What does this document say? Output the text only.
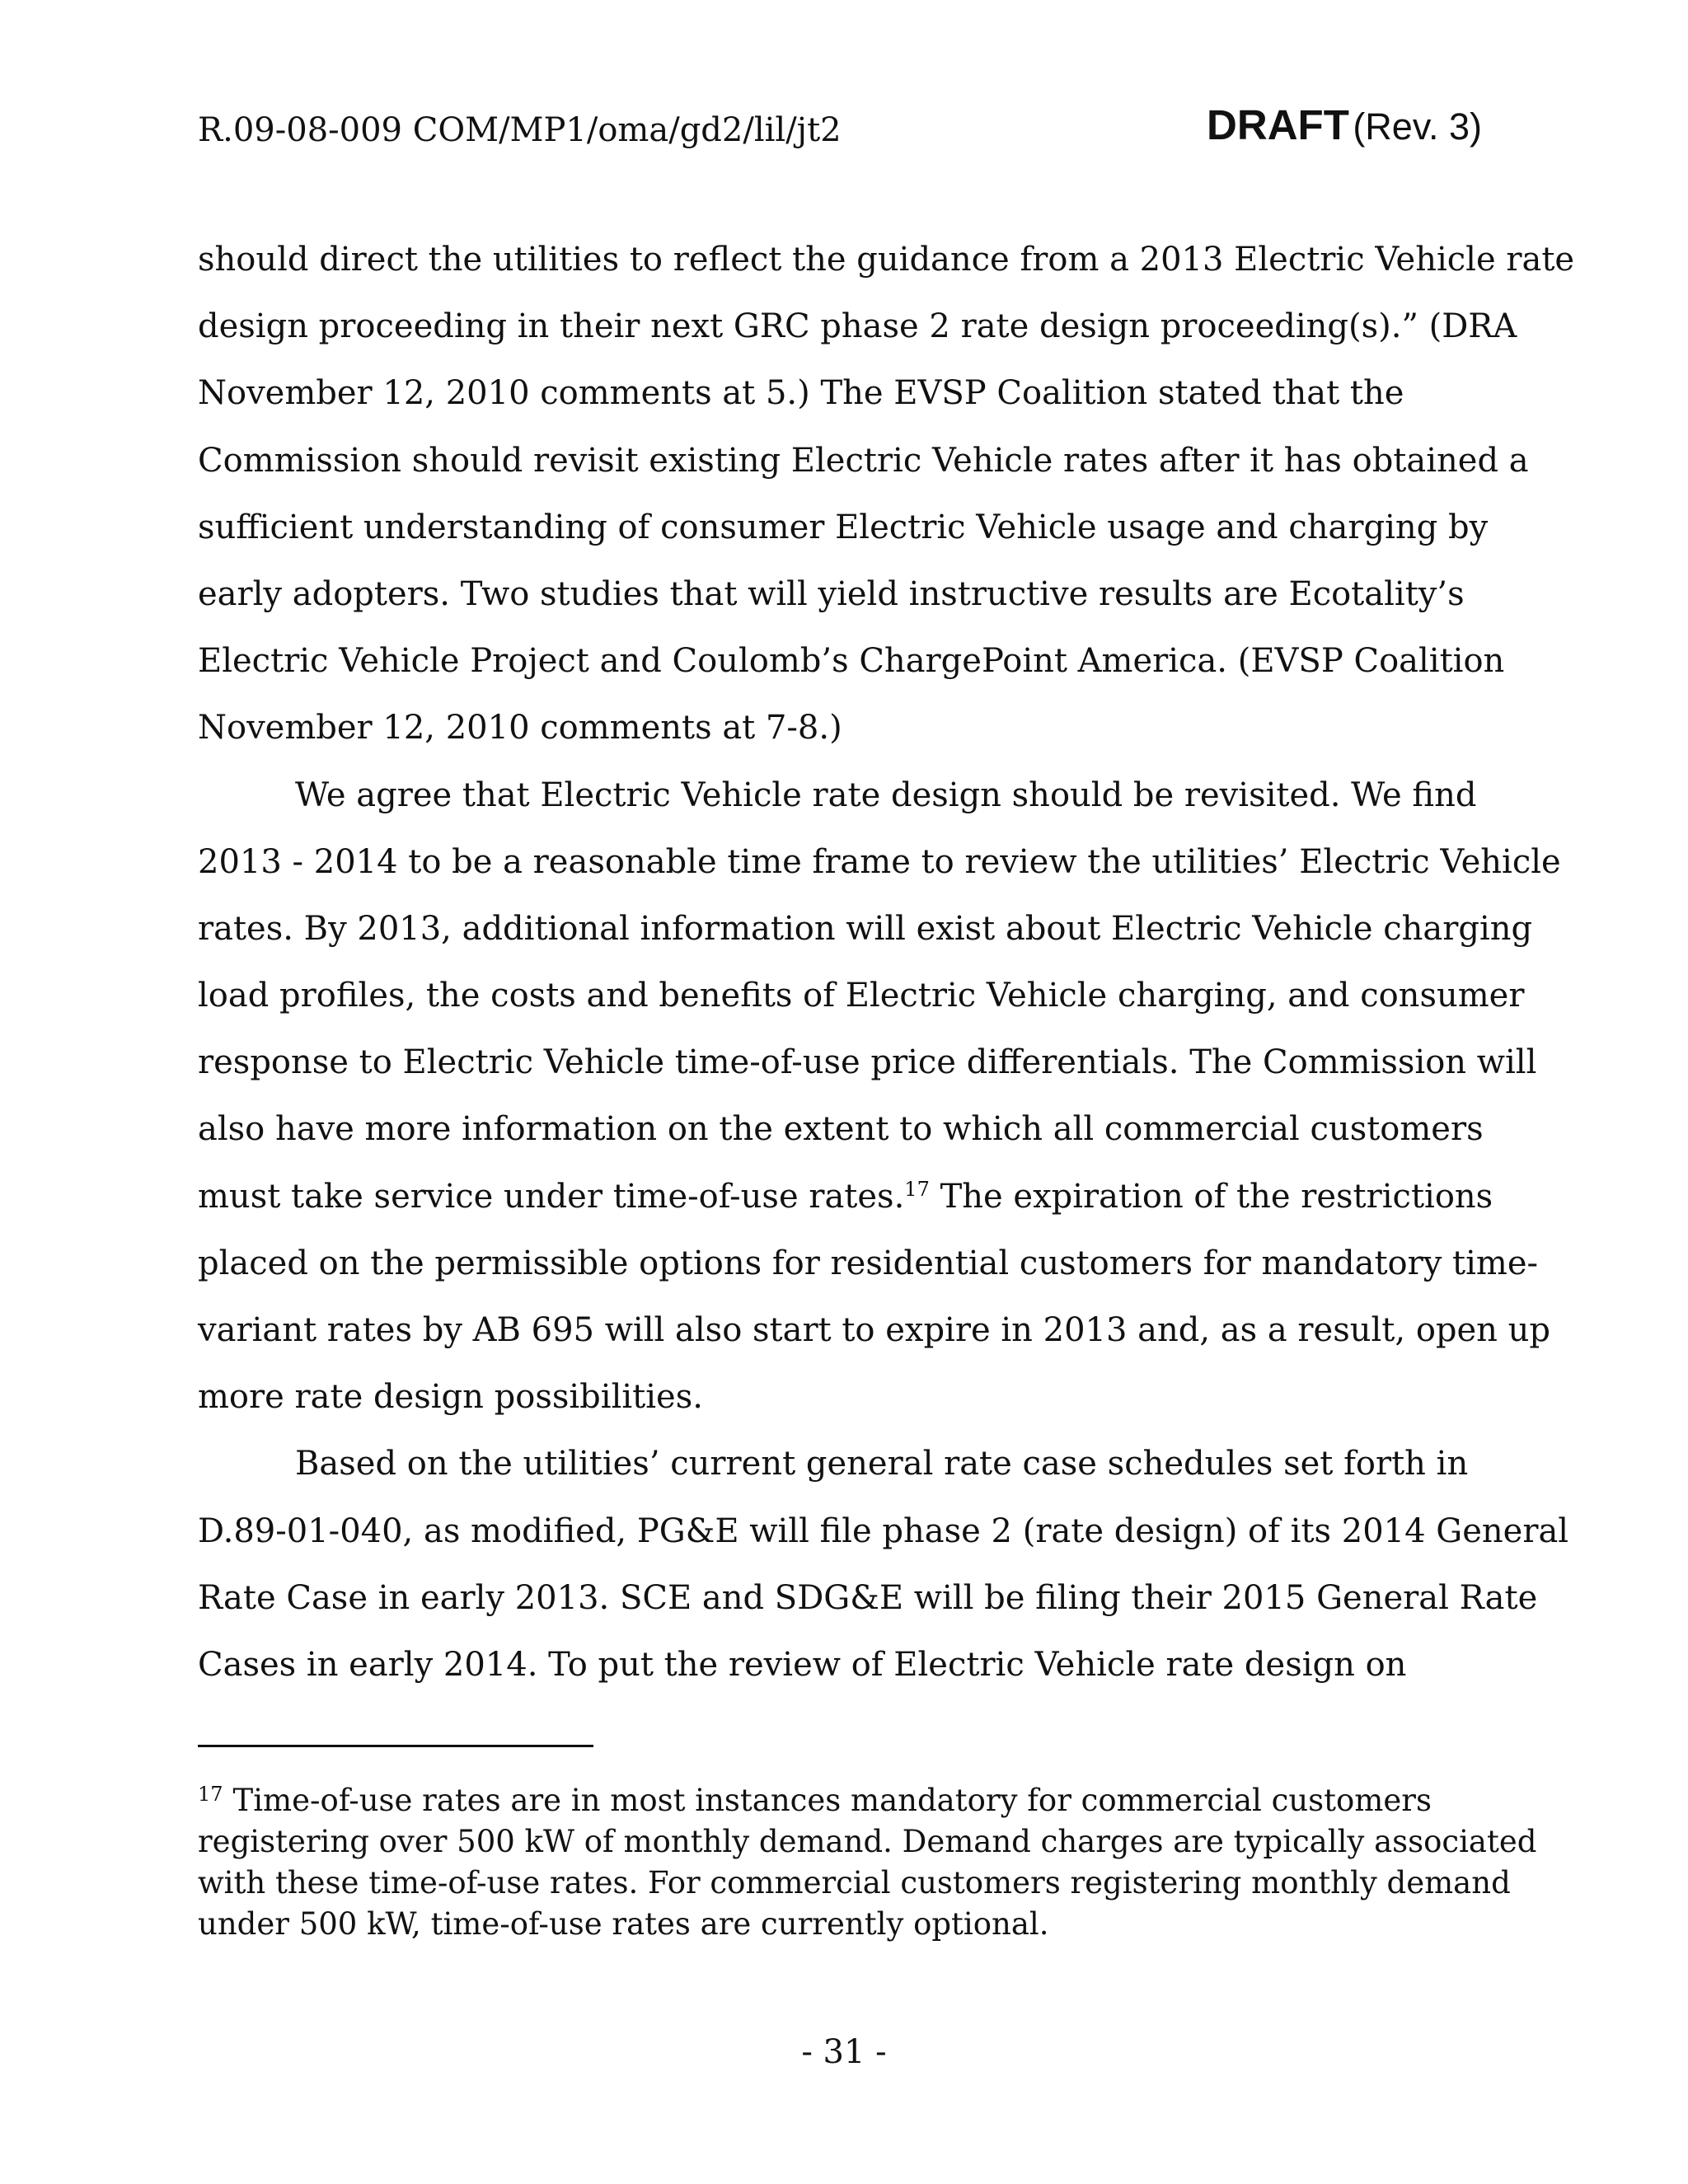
R.09-08-009 COM/MP1/oma/gd2/lil/jt2	DRAFT (Rev. 3)
should direct the utilities to reflect the guidance from a 2013 Electric Vehicle rate
design proceeding in their next GRC phase 2 rate design proceeding(s).” (DRA
November 12, 2010 comments at 5.) The EVSP Coalition stated that the
Commission should revisit existing Electric Vehicle rates after it has obtained a
sufficient understanding of consumer Electric Vehicle usage and charging by
early adopters. Two studies that will yield instructive results are Ecotality’s
Electric Vehicle Project and Coulomb’s ChargePoint America. (EVSP Coalition
November 12, 2010 comments at 7-8.)
We agree that Electric Vehicle rate design should be revisited. We find
2013 - 2014 to be a reasonable time frame to review the utilities’ Electric Vehicle
rates. By 2013, additional information will exist about Electric Vehicle charging
load profiles, the costs and benefits of Electric Vehicle charging, and consumer
response to Electric Vehicle time-of-use price differentials. The Commission will
also have more information on the extent to which all commercial customers
must take service under time-of-use rates.$^{17}$ The expiration of the restrictions
placed on the permissible options for residential customers for mandatory time-
variant rates by AB 695 will also start to expire in 2013 and, as a result, open up
more rate design possibilities.
Based on the utilities’ current general rate case schedules set forth in
D.89-01-040, as modified, PG&E will file phase 2 (rate design) of its 2014 General
Rate Case in early 2013. SCE and SDG&E will be filing their 2015 General Rate
Cases in early 2014. To put the review of Electric Vehicle rate design on
$^{17}$ Time-of-use rates are in most instances mandatory for commercial customers
registering over 500 kW of monthly demand. Demand charges are typically associated
with these time-of-use rates. For commercial customers registering monthly demand
under 500 kW, time-of-use rates are currently optional.
- 31 -
